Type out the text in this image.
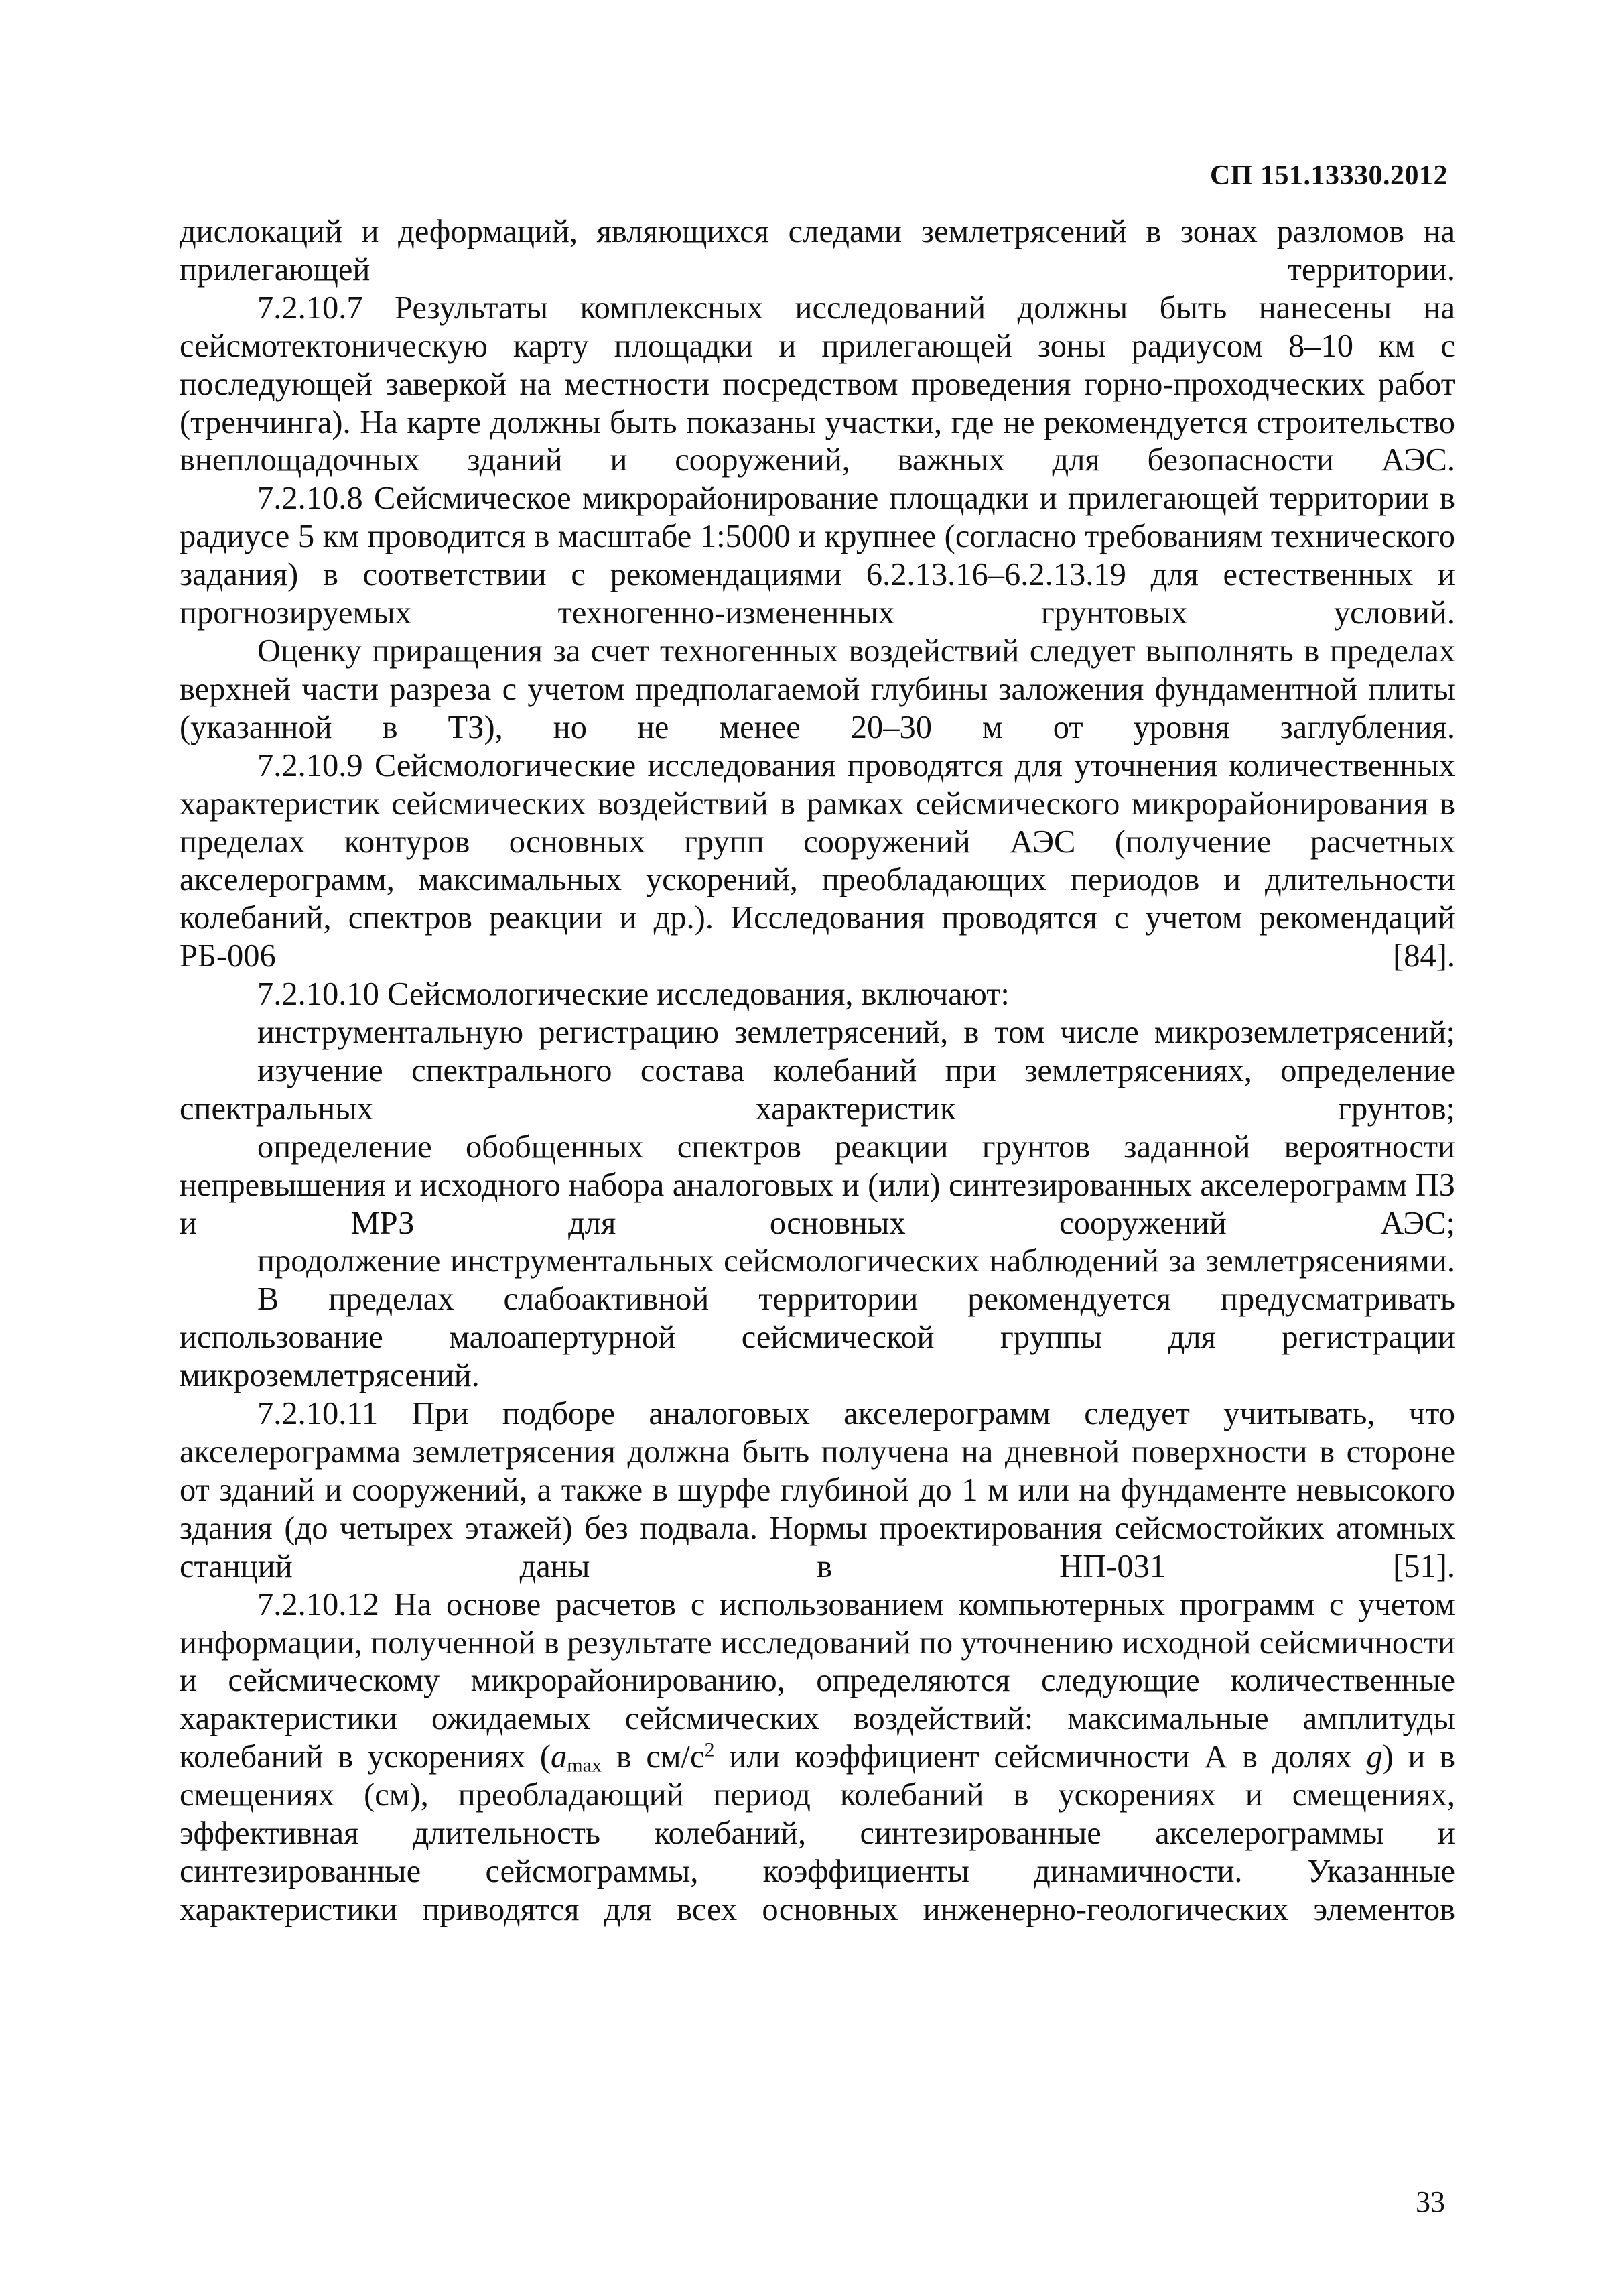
СП 151.13330.2012
дислокаций и деформаций, являющихся следами землетрясений в зонах разломов на прилегающей территории.
7.2.10.7 Результаты комплексных исследований должны быть нанесены на сейсмотектоническую карту площадки и прилегающей зоны радиусом 8–10 км с последующей заверкой на местности посредством проведения горно-проходческих работ (тренчинга). На карте должны быть показаны участки, где не рекомендуется строительство внеплощадочных зданий и сооружений, важных для безопасности АЭС.
7.2.10.8 Сейсмическое микрорайонирование площадки и прилегающей территории в радиусе 5 км проводится в масштабе 1:5000 и крупнее (согласно требованиям технического задания) в соответствии с рекомендациями 6.2.13.16–6.2.13.19 для естественных и прогнозируемых техногенно-измененных	грунтовых условий.
Оценку приращения за счет техногенных воздействий следует выполнять в пределах верхней части разреза с учетом предполагаемой глубины заложения фундаментной плиты (указанной в ТЗ), но не менее 20–30 м от уровня заглубления.
7.2.10.9 Сейсмологические исследования проводятся для уточнения количественных характеристик сейсмических воздействий в рамках сейсмического микрорайонирования в пределах контуров основных групп сооружений АЭС (получение расчетных акселерограмм, максимальных ускорений, преобладающих периодов и длительности колебаний, спектров реакции и др.). Исследования проводятся с учетом рекомендаций РБ-006 [84].
7.2.10.10 Сейсмологические исследования, включают:
инструментальную регистрацию землетрясений, в том числе микроземлетрясений;
изучение спектрального состава колебаний при землетрясениях, определение спектральных характеристик грунтов;
определение обобщенных спектров реакции грунтов заданной вероятности непревышения и исходного набора аналоговых и (или) синтезированных акселерограмм ПЗ и МРЗ для основных сооружений АЭС;
продолжение инструментальных сейсмологических наблюдений за землетрясениями.
В пределах слабоактивной территории рекомендуется предусматривать использование малоапертурной сейсмической группы для регистрации микроземлетрясений.
7.2.10.11 При подборе аналоговых акселерограмм следует учитывать, что акселерограмма землетрясения должна быть получена на дневной поверхности в стороне от зданий и сооружений, а также в шурфе глубиной до 1 м или на фундаменте невысокого здания (до четырех этажей) без подвала. Нормы проектирования сейсмостойких атомных станций даны в НП-031 [51].
7.2.10.12 На основе расчетов с использованием компьютерных программ с учетом информации, полученной в результате исследований по уточнению исходной сейсмичности и сейсмическому микрорайонированию, определяются следующие количественные характеристики ожидаемых сейсмических воздействий: максимальные амплитуды колебаний в ускорениях ($a_{max}$ в $см/с^2$ или коэффициент сейсмичности А в долях g) и в смещениях (см), преобладающий период колебаний в ускорениях и смещениях, эффективная длительность колебаний, синтезированные акселерограммы и синтезированные сейсмограммы, коэффициенты динамичности. Указанные характеристики приводятся для всех основных инженерно-геологических элементов
33
